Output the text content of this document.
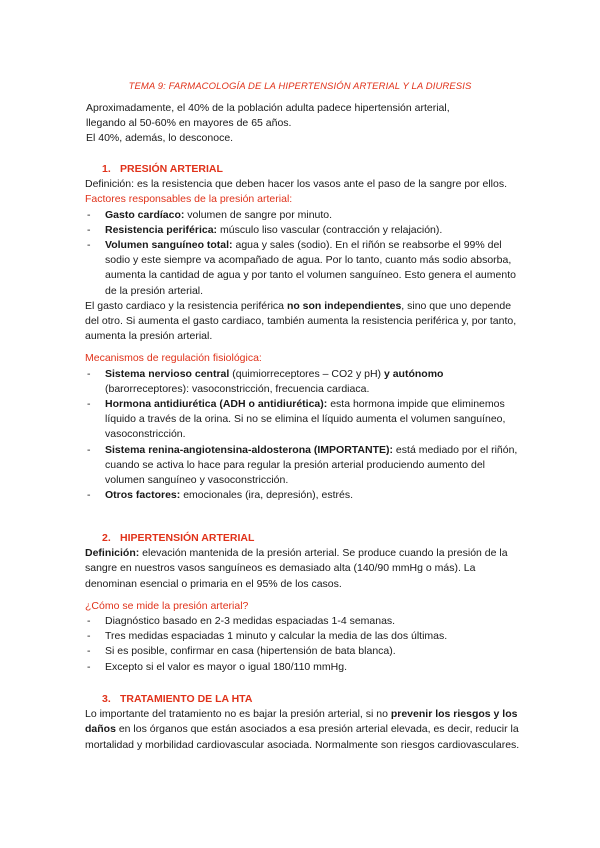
TEMA 9: FARMACOLOGÍA DE LA HIPERTENSIÓN ARTERIAL Y LA DIURESIS
Aproximadamente, el 40% de la población adulta padece hipertensión arterial,
llegando al 50-60% en mayores de 65 años.
El 40%, además, lo desconoce.
1. PRESIÓN ARTERIAL
Definición: es la resistencia que deben hacer los vasos ante el paso de la sangre por ellos.
Factores responsables de la presión arterial:
- Gasto cardíaco: volumen de sangre por minuto.
- Resistencia periférica: músculo liso vascular (contracción y relajación).
- Volumen sanguíneo total: agua y sales (sodio). En el riñón se reabsorbe el 99% del sodio y este siempre va acompañado de agua. Por lo tanto, cuanto más sodio absorba, aumenta la cantidad de agua y por tanto el volumen sanguíneo. Esto genera el aumento de la presión arterial.
El gasto cardiaco y la resistencia periférica no son independientes, sino que uno depende del otro. Si aumenta el gasto cardiaco, también aumenta la resistencia periférica y, por tanto, aumenta la presión arterial.
Mecanismos de regulación fisiológica:
- Sistema nervioso central (quimiorreceptores – CO2 y pH) y autónomo (barorreceptores): vasoconstricción, frecuencia cardiaca.
- Hormona antidiurética (ADH o antidiurética): esta hormona impide que eliminemos líquido a través de la orina. Si no se elimina el líquido aumenta el volumen sanguíneo, vasoconstricción.
- Sistema renina-angiotensina-aldosterona (IMPORTANTE): está mediado por el riñón, cuando se activa lo hace para regular la presión arterial produciendo aumento del volumen sanguíneo y vasoconstricción.
- Otros factores: emocionales (ira, depresión), estrés.
2. HIPERTENSIÓN ARTERIAL
Definición: elevación mantenida de la presión arterial. Se produce cuando la presión de la sangre en nuestros vasos sanguíneos es demasiado alta (140/90 mmHg o más). La denominan esencial o primaria en el 95% de los casos.
¿Cómo se mide la presión arterial?
- Diagnóstico basado en 2-3 medidas espaciadas 1-4 semanas.
- Tres medidas espaciadas 1 minuto y calcular la media de las dos últimas.
- Si es posible, confirmar en casa (hipertensión de bata blanca).
- Excepto si el valor es mayor o igual 180/110 mmHg.
3. TRATAMIENTO DE LA HTA
Lo importante del tratamiento no es bajar la presión arterial, si no prevenir los riesgos y los daños en los órganos que están asociados a esa presión arterial elevada, es decir, reducir la mortalidad y morbilidad cardiovascular asociada. Normalmente son riesgos cardiovasculares.
